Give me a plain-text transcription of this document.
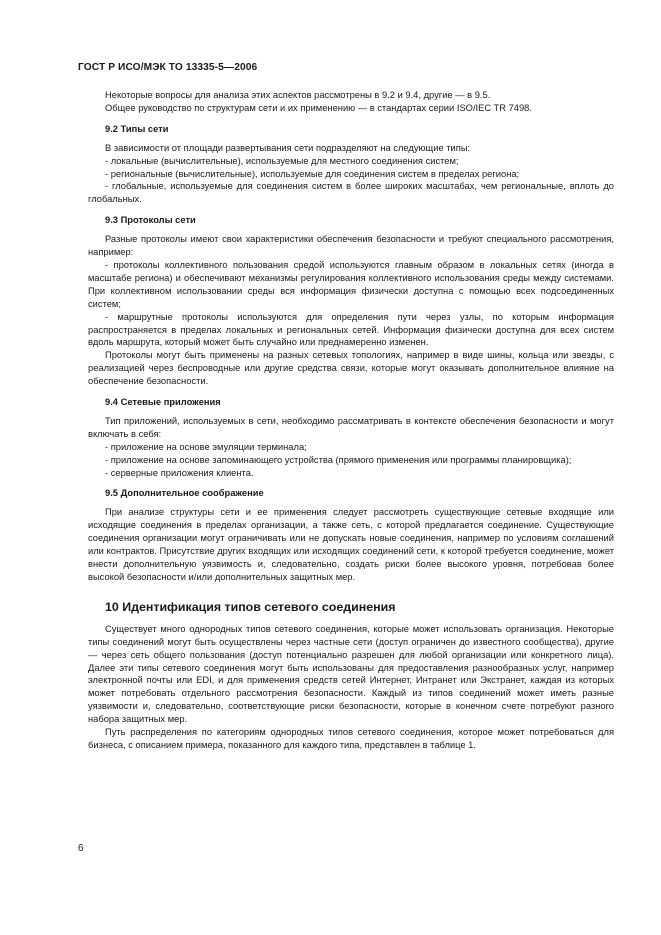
ГОСТ Р ИСО/МЭК ТО 13335-5—2006

Некоторые вопросы для анализа этих аспектов рассмотрены в 9.2 и 9.4, другие — в 9.5.

Общее руководство по структурам сети и их применению — в стандартах серии ISO/IEC TR 7498.

9.2 Типы сети

В зависимости от площади развертывания сети подразделяют на следующие типы:

- локальные (вычислительные), используемые для местного соединения систем;

- региональные (вычислительные), используемые для соединения систем в пределах региона;

- глобальные, используемые для соединения систем в более широких масштабах, чем региональные, вплоть до глобальных.

9.3 Протоколы сети

Разные протоколы имеют свои характеристики обеспечения безопасности и требуют специального рассмотрения, например:

- протоколы коллективного пользования средой используются главным образом в локальных сетях (иногда в масштабе региона) и обеспечивают механизмы регулирования коллективного использования среды между системами. При коллективном использовании среды вся информация физически доступна с помощью всех подсоединенных систем;

- маршрутные протоколы используются для определения пути через узлы, по которым информация распространяется в пределах локальных и региональных сетей. Информация физически доступна для всех систем вдоль маршрута, который может быть случайно или преднамеренно изменен.

Протоколы могут быть применены на разных сетевых топологиях, например в виде шины, кольца или звезды, с реализацией через беспроводные или другие средства связи, которые могут оказывать дополнительное влияние на обеспечение безопасности.

9.4 Сетевые приложения

Тип приложений, используемых в сети, необходимо рассматривать в контексте обеспечения безопасности и могут включать в себя:

- приложение на основе эмуляции терминала;

- приложение на основе запоминающего устройства (прямого применения или программы планировщика);

- серверные приложения клиента.

9.5 Дополнительное соображение

При анализе структуры сети и ее применения следует рассмотреть существующие сетевые входящие или исходящие соединения в пределах организации, а также сеть, с которой предлагается соединение. Существующие соединения организации могут ограничивать или не допускать новые соединения, например по условиям соглашений или контрактов. Присутствие других входящих или исходящих соединений сети, к которой требуется соединение, может внести дополнительную уязвимость и, следовательно, создать риски более высокого уровня, потребовав более высокой безопасности и/или дополнительных защитных мер.

10 Идентификация типов сетевого соединения

Существует много однородных типов сетевого соединения, которые может использовать организация. Некоторые типы соединений могут быть осуществлены через частные сети (доступ ограничен до известного сообщества), другие — через сеть общего пользования (доступ потенциально разрешен для любой организации или конкретного лица). Далее эти типы сетевого соединения могут быть использованы для предоставления разнообразных услуг, например электронной почты или EDI, и для применения средств сетей Интернет, Интранет или Экстранет, каждая из которых может потребовать отдельного рассмотрения безопасности. Каждый из типов соединений может иметь разные уязвимости и, следовательно, соответствующие риски безопасности, которые в конечном счете потребуют разного набора защитных мер.

Путь распределения по категориям однородных типов сетевого соединения, которое может потребоваться для бизнеса, с описанием примера, показанного для каждого типа, представлен в таблице 1.

6
